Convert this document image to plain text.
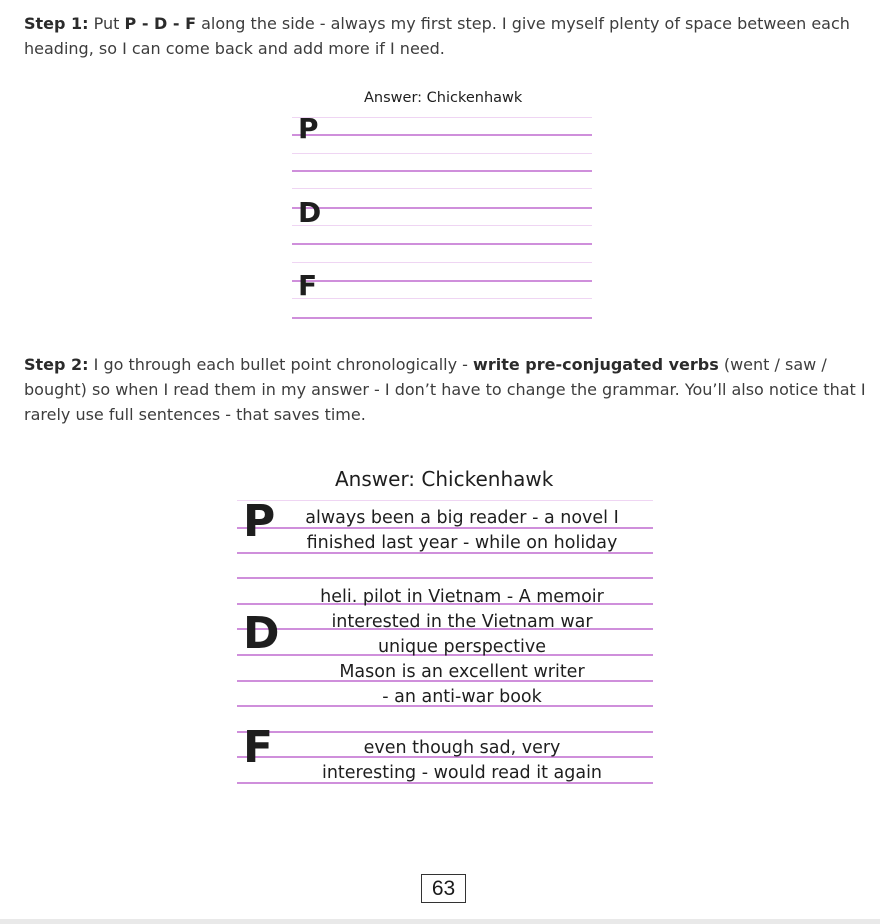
Step 1: Put P - D - F along the side - always my first step. I give myself plenty of space between each heading, so I can come back and add more if I need.
Answer: Chickenhawk
P
D
F
Step 2: I go through each bullet point chronologically - write pre-conjugated verbs (went / saw / bought) so when I read them in my answer - I don’t have to change the grammar. You’ll also notice that I rarely use full sentences - that saves time.
Answer: Chickenhawk
P
D
F
always been a big reader - a novel I
finished last year - while on holiday
heli. pilot in Vietnam - A memoir
interested in the Vietnam war
unique perspective
Mason is an excellent writer
- an anti-war book
even though sad, very
interesting - would read it again
63
